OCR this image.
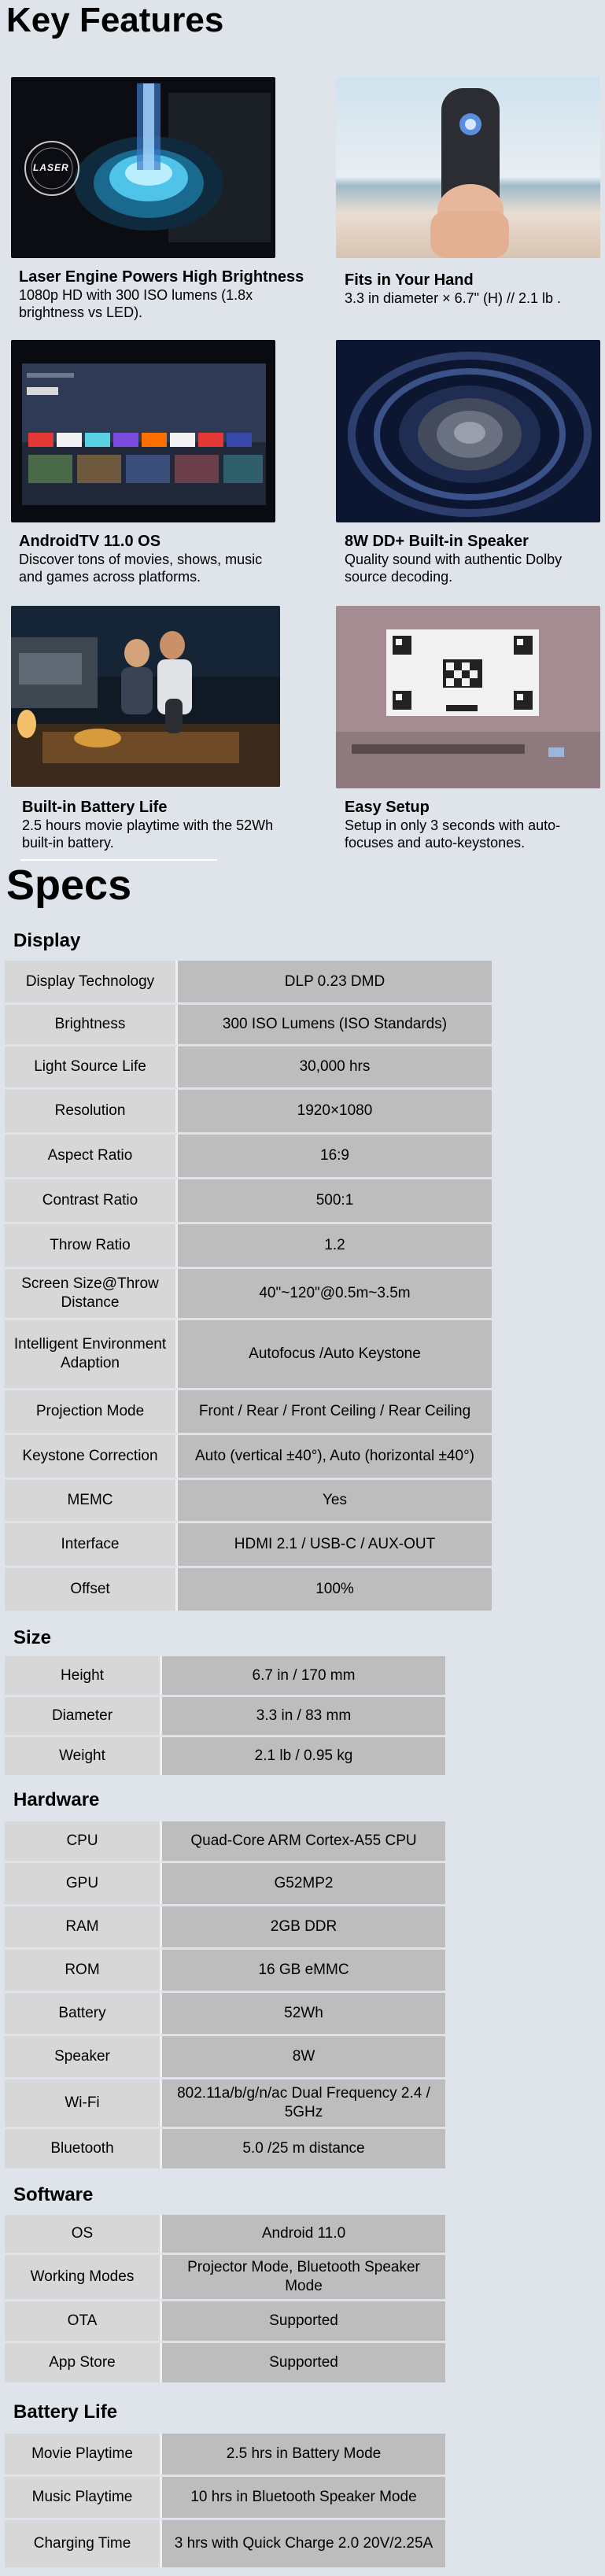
Key Features
LASER
Laser Engine Powers High Brightness
1080p HD with 300 ISO lumens (1.8x brightness vs LED).
Fits in Your Hand
3.3 in diameter × 6.7" (H) // 2.1 lb .
AndroidTV 11.0 OS
Discover tons of movies, shows, music and games across platforms.
8W DD+ Built-in Speaker
Quality sound with authentic Dolby source decoding.
Built-in Battery Life
2.5 hours movie playtime with the 52Wh built-in battery.
Easy Setup
Setup in only 3 seconds with auto-focuses and auto-keystones.
Specs
Display
Display Technology	DLP 0.23 DMD
Brightness	300 ISO Lumens (ISO Standards)
Light Source Life	30,000 hrs
Resolution	1920×1080
Aspect Ratio	16:9
Contrast Ratio	500:1
Throw Ratio	1.2
Screen Size@Throw Distance	40"~120"@0.5m~3.5m
Intelligent Environment Adaption	Autofocus /Auto Keystone
Projection Mode	Front / Rear / Front Ceiling / Rear Ceiling
Keystone Correction	Auto (vertical ±40°), Auto (horizontal ±40°)
MEMC	Yes
Interface	HDMI 2.1 / USB-C / AUX-OUT
Offset	100%
Size
Height	6.7 in / 170 mm
Diameter	3.3 in / 83 mm
Weight	2.1 lb / 0.95 kg
Hardware
CPU	Quad-Core ARM Cortex-A55 CPU
GPU	G52MP2
RAM	2GB DDR
ROM	16 GB eMMC
Battery	52Wh
Speaker	8W
Wi-Fi	802.11a/b/g/n/ac Dual Frequency 2.4 / 5GHz
Bluetooth	5.0 /25 m distance
Software
OS	Android 11.0
Working Modes	Projector Mode, Bluetooth Speaker Mode
OTA	Supported
App Store	Supported
Battery Life
Movie Playtime	2.5 hrs in Battery Mode
Music Playtime	10 hrs in Bluetooth Speaker Mode
Charging Time	3 hrs with Quick Charge 2.0 20V/2.25A
